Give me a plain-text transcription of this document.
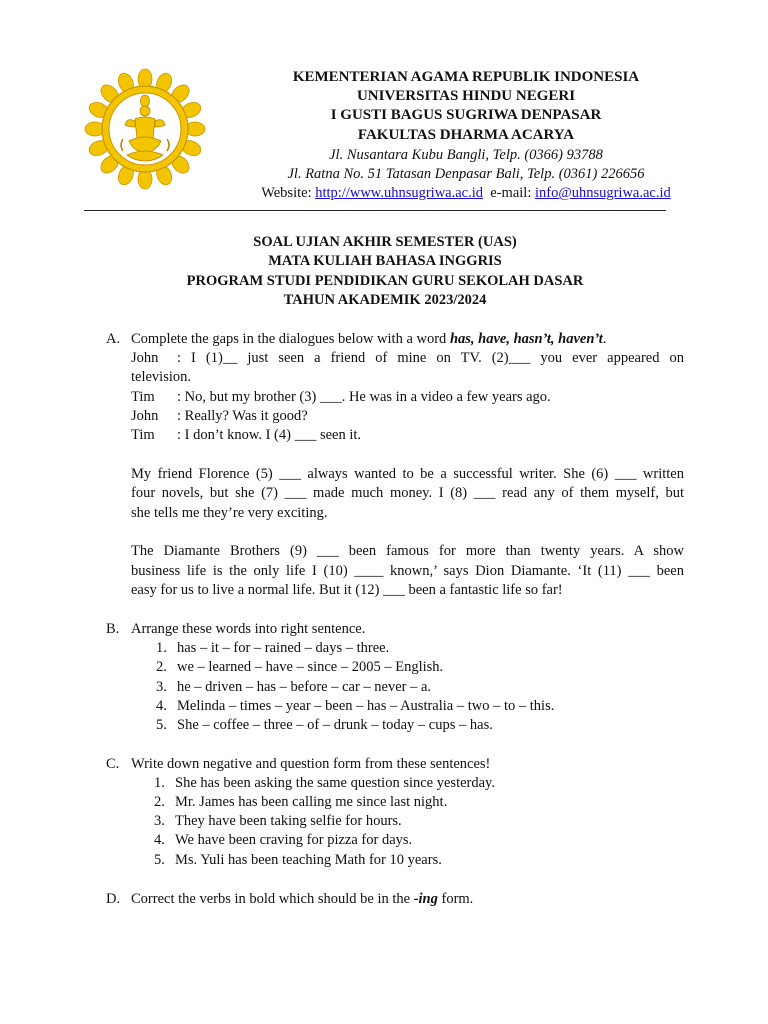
KEMENTERIAN AGAMA REPUBLIK INDONESIA
UNIVERSITAS HINDU NEGERI
I GUSTI BAGUS SUGRIWA DENPASAR
FAKULTAS DHARMA ACARYA
Jl. Nusantara Kubu Bangli, Telp. (0366) 93788
Jl. Ratna No. 51 Tatasan Denpasar Bali, Telp. (0361) 226656
Website: http://www.uhnsugriwa.ac.id e-mail: info@uhnsugriwa.ac.id
SOAL UJIAN AKHIR SEMESTER (UAS)
MATA KULIAH BAHASA INGGRIS
PROGRAM STUDI PENDIDIKAN GURU SEKOLAH DASAR
TAHUN AKADEMIK 2023/2024
A. Complete the gaps in the dialogues below with a word has, have, hasn’t, haven’t.
John : I (1)__ just seen a friend of mine on TV. (2)___ you ever appeared on
television.
Tim : No, but my brother (3) ___. He was in a video a few years ago.
John : Really? Was it good?
Tim : I don’t know. I (4) ___ seen it.
My friend Florence (5) ___ always wanted to be a successful writer. She (6) ___ written
four novels, but she (7) ___ made much money. I (8) ___ read any of them myself, but
she tells me they’re very exciting.
The Diamante Brothers (9) ___ been famous for more than twenty years. A show
business life is the only life I (10) ____ known,’ says Dion Diamante. ‘It (11) ___ been
easy for us to live a normal life. But it (12) ___ been a fantastic life so far!
B. Arrange these words into right sentence.
1. has – it – for – rained – days – three.
2. we – learned – have – since – 2005 – English.
3. he – driven – has – before – car – never – a.
4. Melinda – times – year – been – has – Australia – two – to – this.
5. She – coffee – three – of – drunk – today – cups – has.
C. Write down negative and question form from these sentences!
1. She has been asking the same question since yesterday.
2. Mr. James has been calling me since last night.
3. They have been taking selfie for hours.
4. We have been craving for pizza for days.
5. Ms. Yuli has been teaching Math for 10 years.
D. Correct the verbs in bold which should be in the -ing form.
